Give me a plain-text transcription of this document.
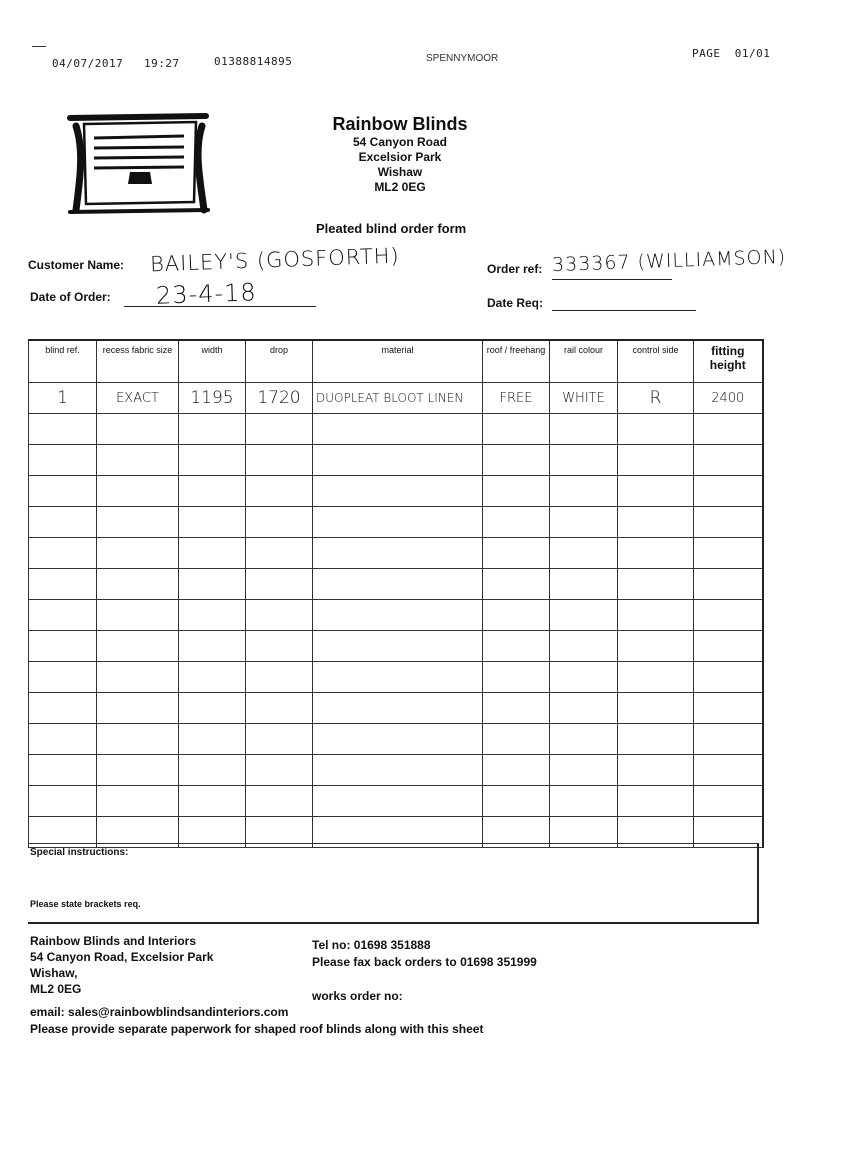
04/07/2017 19:27	01388814895	SPENNYMOOR	PAGE  01/01
Rainbow Blinds
54 Canyon Road
Excelsior Park
Wishaw
ML2 0EG
Pleated blind order form
Customer Name: BAILEY'S (GOSFORTH)
Date of Order: 23-4-18
Order ref: 333367 (WILLIAMSON)
Date Req:
blind ref.	recess fabric size	width	drop	material	roof / freehang	rail colour	control side	fitting height
1	EXACT	1195	1720	DUOPLEAT BLOOT LINEN	FREE	WHITE	R	2400

Special instructions:
Please state brackets req.
Rainbow Blinds and Interiors
54 Canyon Road, Excelsior Park
Wishaw,
ML2 0EG
Tel no: 01698 351888
Please fax back orders to 01698 351999
works order no:
email: sales@rainbowblindsandinteriors.com
Please provide separate paperwork for shaped roof blinds along with this sheet
